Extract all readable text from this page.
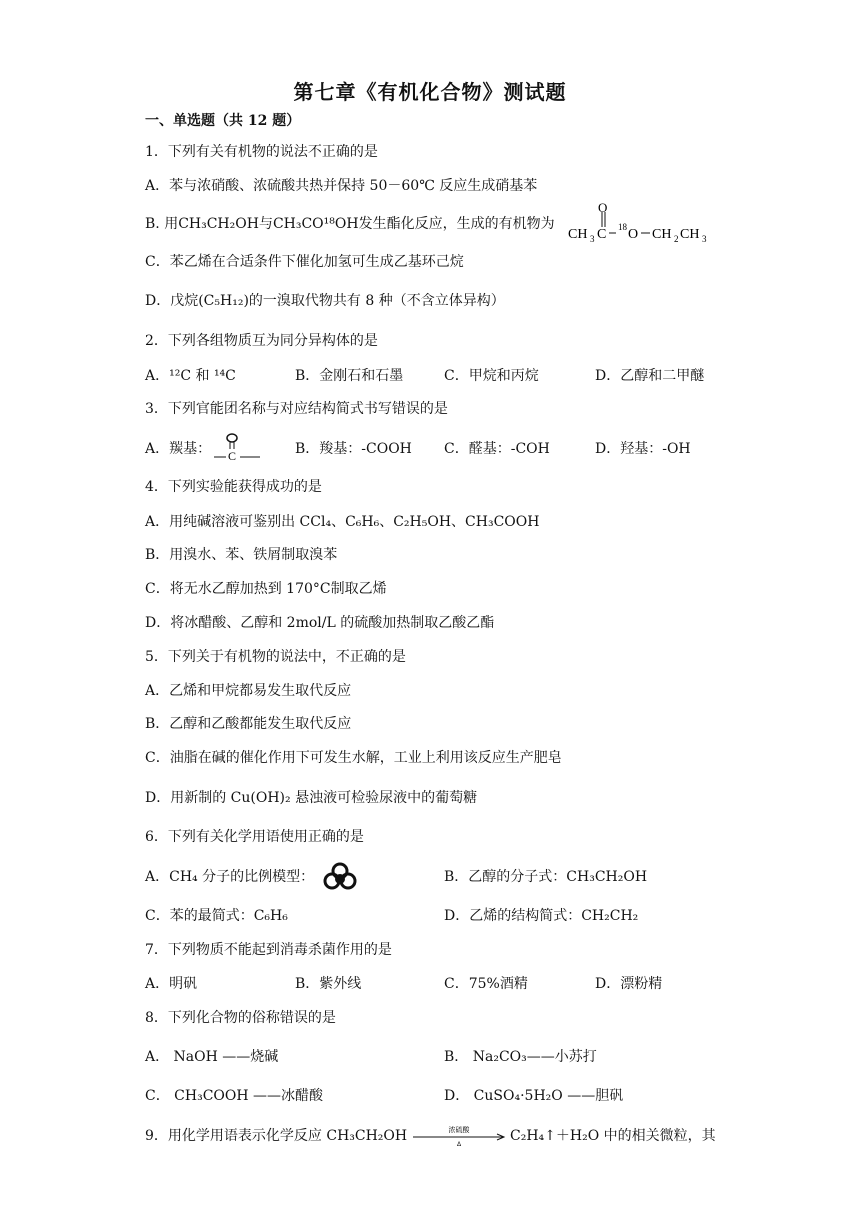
第七章《有机化合物》测试题
一、单选题（共 12 题）
1．下列有关有机物的说法不正确的是
A．苯与浓硝酸、浓硫酸共热并保持 50－60℃ 反应生成硝基苯
B. 用CH₃CH₂OH与CH₃CO¹⁸OH发生酯化反应，生成的有机物为
CH 3 C
O
18 O CH 2 CH 3
C．苯乙烯在合适条件下催化加氢可生成乙基环己烷
D．戊烷(C₅H₁₂)的一溴取代物共有 8 种（不含立体异构）
2．下列各组物质互为同分异构体的是
A．¹²C 和 ¹⁴C	B．金刚石和石墨	C．甲烷和丙烷	D．乙醇和二甲醚
3．下列官能团名称与对应结构简式书写错误的是
A．羰基： C	B．羧基：-COOH C．醛基：-COH	D．羟基：-OH
4．下列实验能获得成功的是
A．用纯碱溶液可鉴别出 CCl₄、C₆H₆、C₂H₅OH、CH₃COOH
B．用溴水、苯、铁屑制取溴苯
C．将无水乙醇加热到 170°C制取乙烯
D．将冰醋酸、乙醇和 2mol/L 的硫酸加热制取乙酸乙酯
5．下列关于有机物的说法中，不正确的是
A．乙烯和甲烷都易发生取代反应
B．乙醇和乙酸都能发生取代反应
C．油脂在碱的催化作用下可发生水解，工业上利用该反应生产肥皂
D．用新制的 Cu(OH)₂ 悬浊液可检验尿液中的葡萄糖
6．下列有关化学用语使用正确的是
A．CH₄ 分子的比例模型：	B．乙醇的分子式：CH₃CH₂OH
C．苯的最简式：C₆H₆	D．乙烯的结构简式：CH₂CH₂
7．下列物质不能起到消毒杀菌作用的是
A．明矾	B．紫外线	C．75%酒精	D．漂粉精
8．下列化合物的俗称错误的是
A． NaOH ——烧碱	B． Na₂CO₃——小苏打
C． CH₃COOH ——冰醋酸	D． CuSO₄·5H₂O ——胆矾
9．用化学用语表示化学反应 CH₃CH₂OH	浓硫酸
Δ
C₂H₄↑＋H₂O 中的相关微粒，其
